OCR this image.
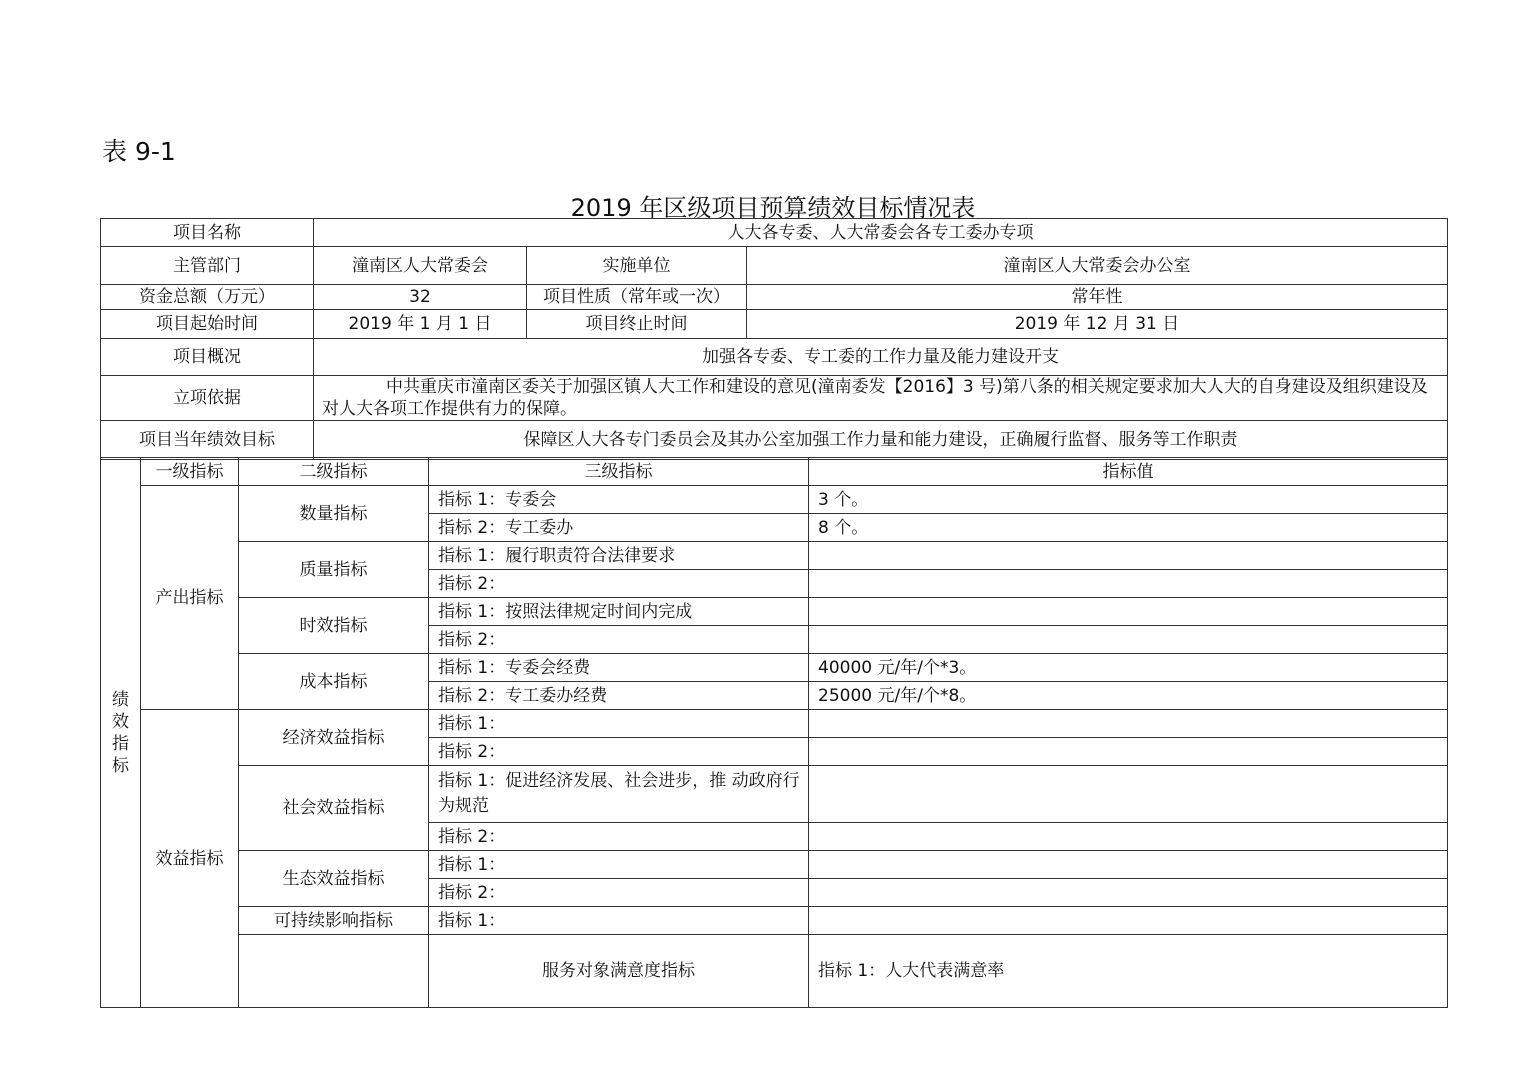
表 9-1
2019 年区级项目预算绩效目标情况表
项目名称	人大各专委、人大常委会各专工委办专项		
主管部门	潼南区人大常委会	实施单位	潼南区人大常委会办公室
资金总额（万元）	32	项目性质（常年或一次）	常年性
项目起始时间	2019 年 1 月 1 日	项目终止时间	2019 年 12 月 31 日
项目概况	加强各专委、专工委的工作力量及能力建设开支		
立项依据	中共重庆市潼南区委关于加强区镇人大工作和建设的意见(潼南委发【2016】3 号)第八条的相关规定要求加大人大的自身建设及组织建设及对人大各项工作提供有力的保障。		
项目当年绩效目标	保障区人大各专门委员会及其办公室加强工作力量和能力建设，正确履行监督、服务等工作职责		
绩效指标	一级指标	二级指标	三级指标	指标值	
	产出指标	数量指标	指标 1：专委会	3 个。	
			指标 2：专工委办	8 个。	
		质量指标	指标 1：履行职责符合法律要求		
			指标 2：		
		时效指标	指标 1：按照法律规定时间内完成		
			指标 2：		
		成本指标	指标 1：专委会经费	40000 元/年/个*3。	
			指标 2：专工委办经费	25000 元/年/个*8。	
	效益指标	经济效益指标	指标 1：		
			指标 2：		
		社会效益指标	指标 1：促进经济发展、社会进步，推 动政府行为规范		
			指标 2：		
		生态效益指标	指标 1：		
			指标 2：		
		可持续影响指标	指标 1：		
			服务对象满意度指标	指标 1：人大代表满意率	
